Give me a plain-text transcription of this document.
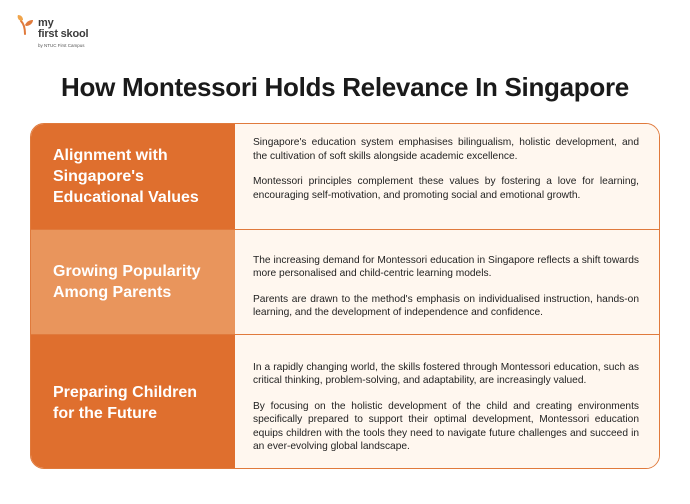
my
first skool
by NTUC First Campus
How Montessori Holds Relevance In Singapore
Alignment with Singapore's Educational Values

Singapore's education system emphasises bilingualism, holistic development, and the cultivation of soft skills alongside academic excellence.

Montessori principles complement these values by fostering a love for learning, encouraging self-motivation, and promoting social and emotional growth.

Growing Popularity Among Parents

The increasing demand for Montessori education in Singapore reflects a shift towards more personalised and child-centric learning models.

Parents are drawn to the method's emphasis on individualised instruction, hands-on learning, and the development of independence and confidence.

Preparing Children for the Future

In a rapidly changing world, the skills fostered through Montessori education, such as critical thinking, problem-solving, and adaptability, are increasingly valued.

By focusing on the holistic development of the child and creating environments specifically prepared to support their optimal development, Montessori education equips children with the tools they need to navigate future challenges and succeed in an ever-evolving global landscape.
